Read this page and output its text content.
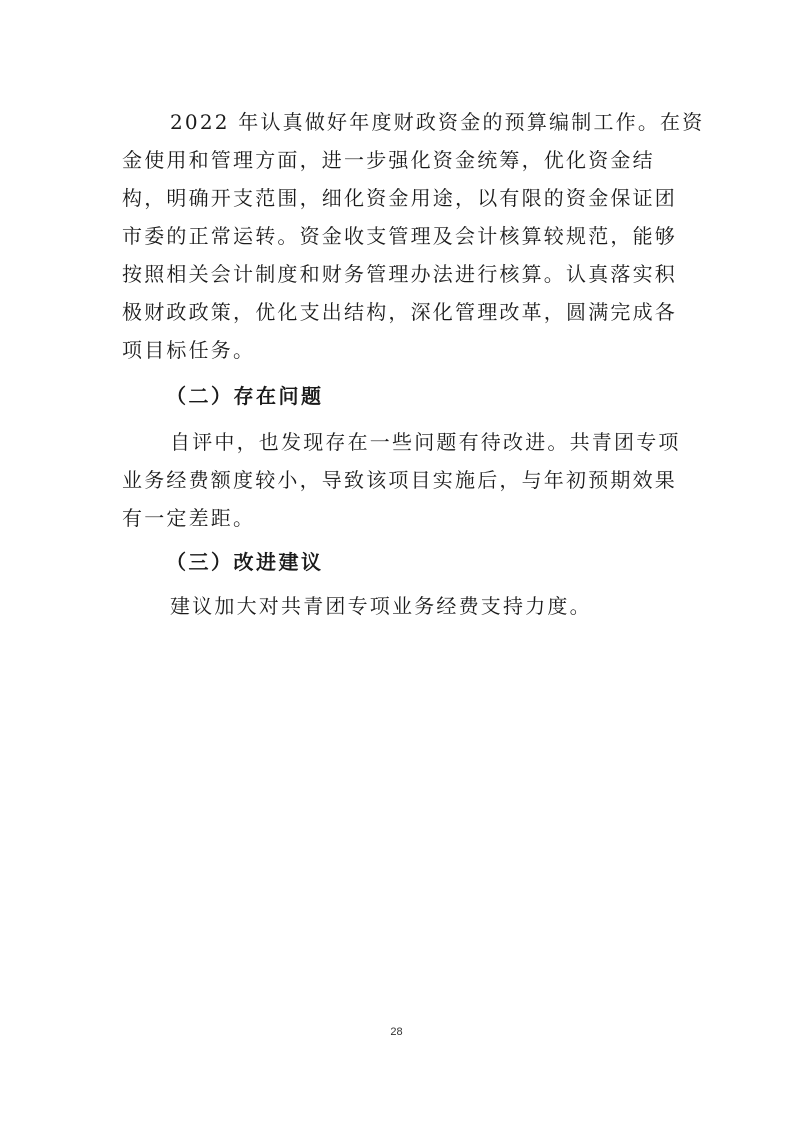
2022 年认真做好年度财政资金的预算编制工作。在资
金使用和管理方面，进一步强化资金统筹，优化资金结
构，明确开支范围，细化资金用途，以有限的资金保证团
市委的正常运转。资金收支管理及会计核算较规范，能够
按照相关会计制度和财务管理办法进行核算。认真落实积
极财政政策，优化支出结构，深化管理改革，圆满完成各
项目标任务。
（二）存在问题
自评中，也发现存在一些问题有待改进。共青团专项
业务经费额度较小，导致该项目实施后，与年初预期效果
有一定差距。
（三）改进建议
建议加大对共青团专项业务经费支持力度。
28
